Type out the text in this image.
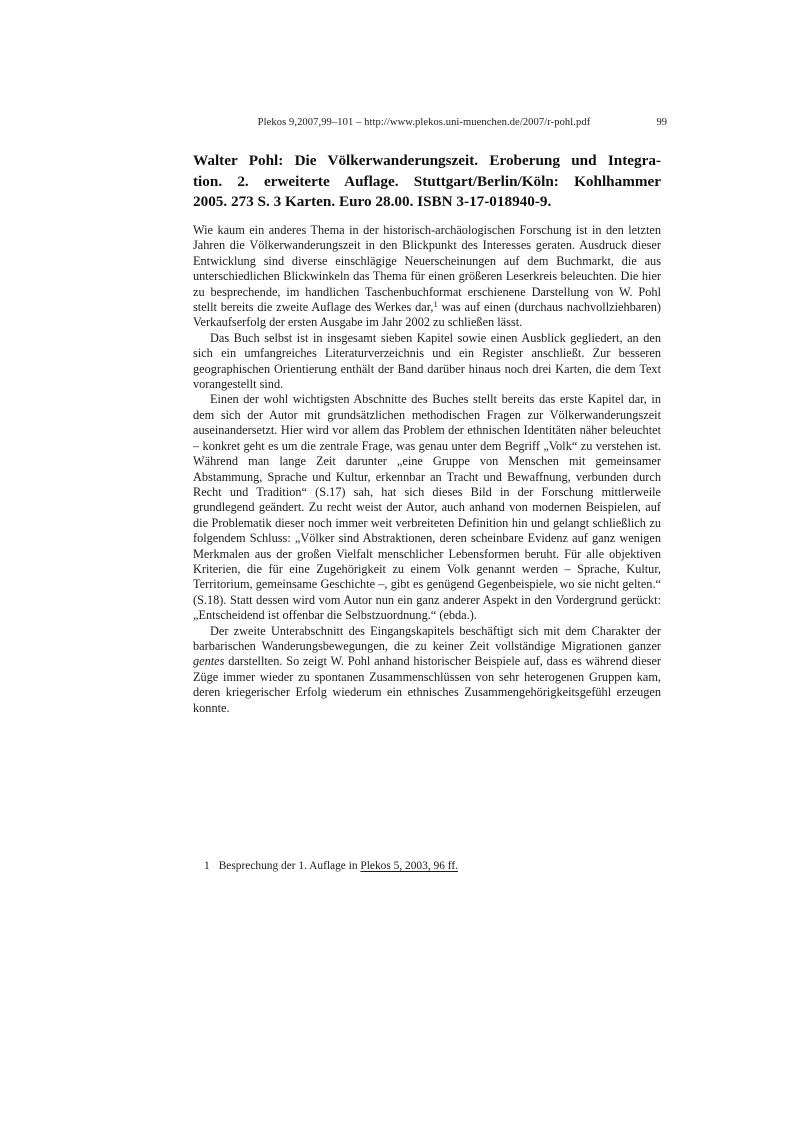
Plekos 9,2007,99–101 – http://www.plekos.uni-muenchen.de/2007/r-pohl.pdf	99
Walter Pohl: Die Völkerwanderungszeit. Eroberung und Integra-
tion. 2. erweiterte Auflage. Stuttgart/Berlin/Köln: Kohlhammer
2005. 273 S. 3 Karten. Euro 28.00. ISBN 3-17-018940-9.

Wie kaum ein anderes Thema in der historisch-archäologischen Forschung ist in den letzten Jahren die Völkerwanderungszeit in den Blickpunkt des Interesses geraten. Ausdruck dieser Entwicklung sind diverse einschlägige Neuerscheinungen auf dem Buchmarkt, die aus unterschiedlichen Blickwinkeln das Thema für einen größeren Leserkreis beleuchten. Die hier zu besprechende, im handlichen Taschenbuchformat erschienene Darstellung von W. Pohl stellt bereits die zweite Auflage des Werkes dar,$^1$ was auf einen (durchaus nachvollziehbaren) Verkaufserfolg der ersten Ausgabe im Jahr 2002 zu schließen lässt.

Das Buch selbst ist in insgesamt sieben Kapitel sowie einen Ausblick gegliedert, an den sich ein umfangreiches Literaturverzeichnis und ein Register anschließt. Zur besseren geographischen Orientierung enthält der Band darüber hinaus noch drei Karten, die dem Text vorangestellt sind.

Einen der wohl wichtigsten Abschnitte des Buches stellt bereits das erste Kapitel dar, in dem sich der Autor mit grundsätzlichen methodischen Fragen zur Völkerwanderungszeit auseinandersetzt. Hier wird vor allem das Problem der ethnischen Identitäten näher beleuchtet – konkret geht es um die zentrale Frage, was genau unter dem Begriff „Volk“ zu verstehen ist. Während man lange Zeit darunter „eine Gruppe von Menschen mit gemeinsamer Abstammung, Sprache und Kultur, erkennbar an Tracht und Bewaffnung, verbunden durch Recht und Tradition“ (S.17) sah, hat sich dieses Bild in der Forschung mittlerweile grundlegend geändert. Zu recht weist der Autor, auch anhand von modernen Beispielen, auf die Problematik dieser noch immer weit verbreiteten Definition hin und gelangt schließlich zu folgendem Schluss: „Völker sind Abstraktionen, deren scheinbare Evidenz auf ganz wenigen Merkmalen aus der großen Vielfalt menschlicher Lebensformen beruht. Für alle objektiven Kriterien, die für eine Zugehörigkeit zu einem Volk genannt werden – Sprache, Kultur, Territorium, gemeinsame Geschichte –, gibt es genügend Gegenbeispiele, wo sie nicht gelten.“ (S.18). Statt dessen wird vom Autor nun ein ganz anderer Aspekt in den Vordergrund gerückt: „Entscheidend ist offenbar die Selbstzuordnung.“ (ebda.).

Der zweite Unterabschnitt des Eingangskapitels beschäftigt sich mit dem Charakter der barbarischen Wanderungsbewegungen, die zu keiner Zeit vollständige Migrationen ganzer gentes darstellten. So zeigt W. Pohl anhand historischer Beispiele auf, dass es während dieser Züge immer wieder zu spontanen Zusammenschlüssen von sehr heterogenen Gruppen kam, deren kriegerischer Erfolg wiederum ein ethnisches Zusammengehörigkeitsgefühl erzeugen konnte.

1 Besprechung der 1. Auflage in Plekos 5, 2003, 96 ff.
